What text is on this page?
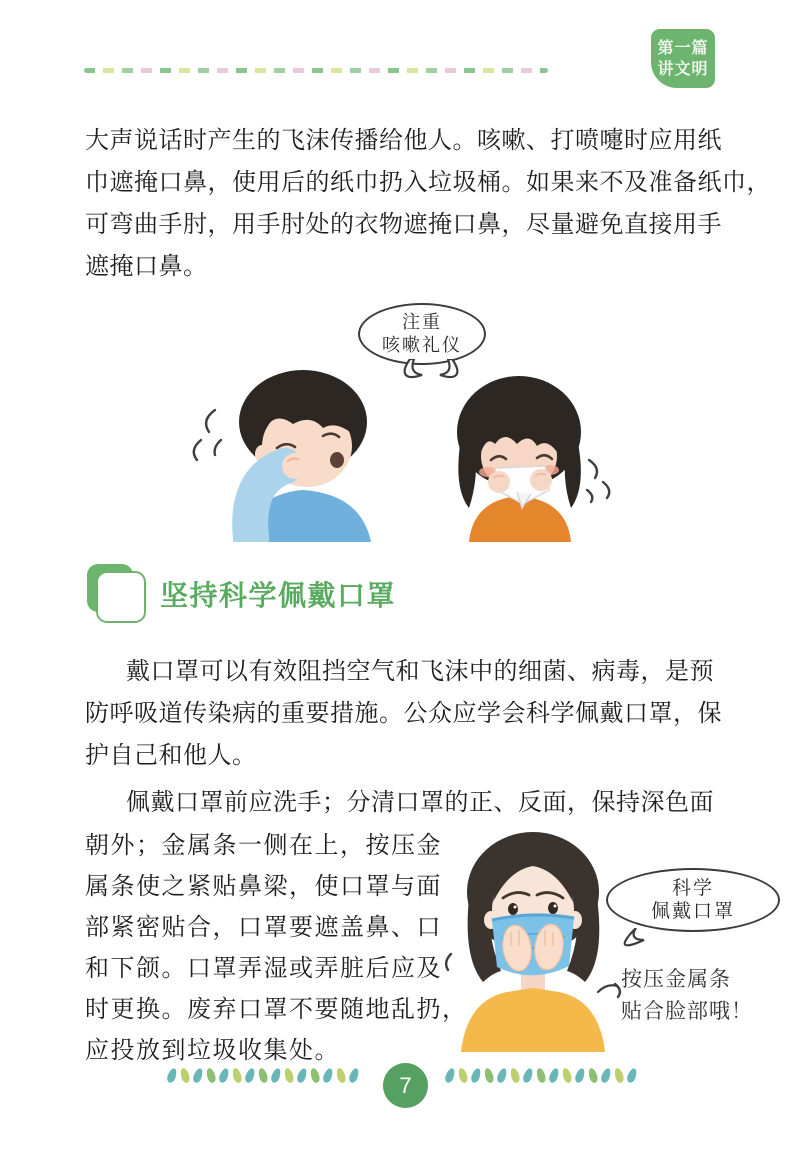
第一篇
讲文明
大声说话时产生的飞沫传播给他人。咳嗽、打喷嚏时应用纸
巾遮掩口鼻，使用后的纸巾扔入垃圾桶。如果来不及准备纸巾，
可弯曲手肘，用手肘处的衣物遮掩口鼻，尽量避免直接用手
遮掩口鼻。
注重
咳嗽礼仪
8 坚持科学佩戴口罩
戴口罩可以有效阻挡空气和飞沫中的细菌、病毒，是预
防呼吸道传染病的重要措施。公众应学会科学佩戴口罩，保
护自己和他人。
佩戴口罩前应洗手；分清口罩的正、反面，保持深色面
朝外；金属条一侧在上，按压金
属条使之紧贴鼻梁，使口罩与面
部紧密贴合，口罩要遮盖鼻、口
和下颌。口罩弄湿或弄脏后应及
时更换。废弃口罩不要随地乱扔，
应投放到垃圾收集处。
科学
佩戴口罩
按压金属条
贴合脸部哦！
7
